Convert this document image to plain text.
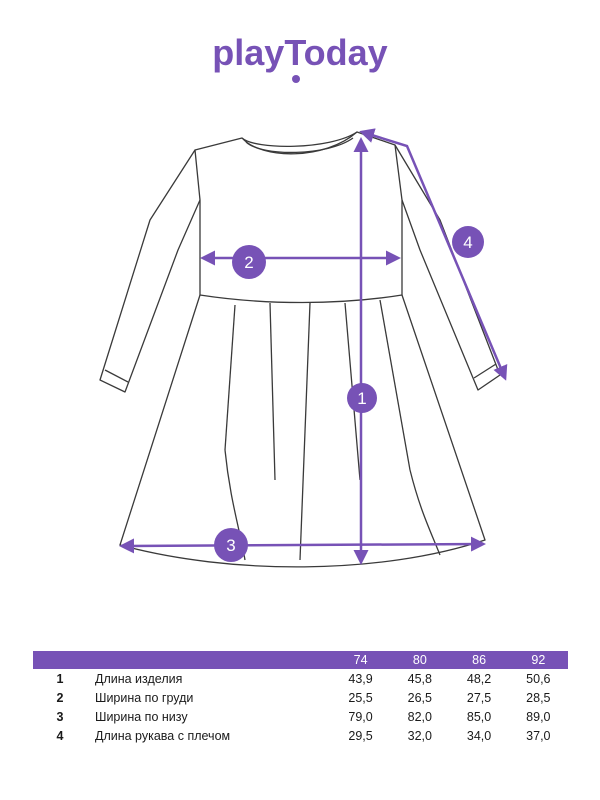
playToday
1
2
3
4
		74	80	86	92
1	Длина изделия	43,9	45,8	48,2	50,6
2	Ширина по груди	25,5	26,5	27,5	28,5
3	Ширина по низу	79,0	82,0	85,0	89,0
4	Длина рукава с плечом	29,5	32,0	34,0	37,0
